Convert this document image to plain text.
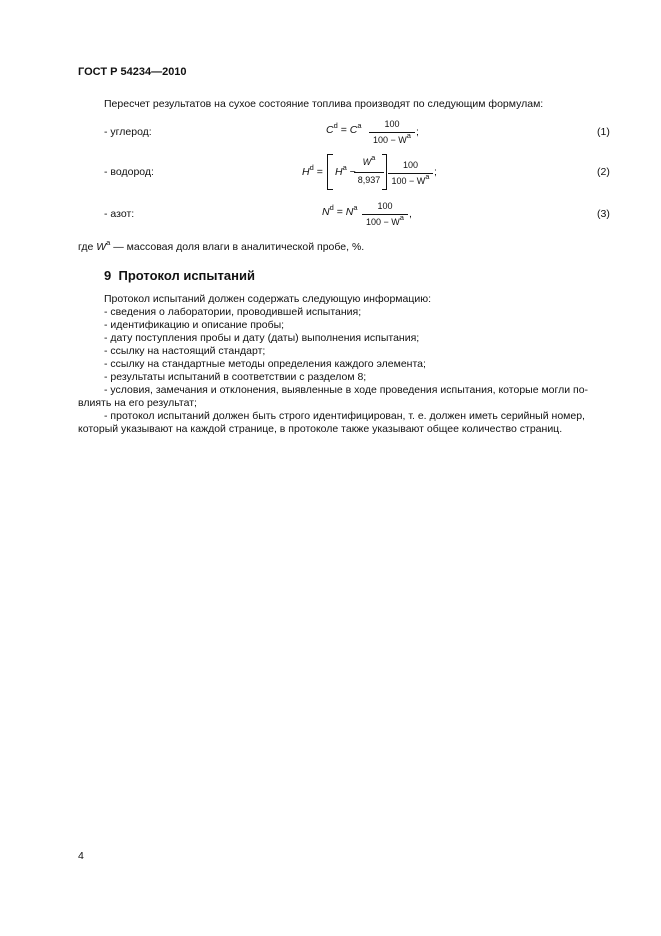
ГОСТ Р 54234—2010
Пересчет результатов на сухое состояние топлива производят по следующим формулам:
- углерод:	$C^d = C^a$	100
$100 - W^a$ ;	(1)
- водород:	$H^d = H^a$ −
$W^a$
8,937
100
$100 - W^a$ ;	(2)
- азот:	$N^d = N^a$	100
$100 - W^a$ ,	(3)
где $W^a$ — массовая доля влаги в аналитической пробе, %.
9 Протокол испытаний
Протокол испытаний должен содержать следующую информацию:
- сведения о лаборатории, проводившей испытания;
- идентификацию и описание пробы;
- дату поступления пробы и дату (даты) выполнения испытания;
- ссылку на настоящий стандарт;
- ссылку на стандартные методы определения каждого элемента;
- результаты испытаний в соответствии с разделом 8;
- условия, замечания и отклонения, выявленные в ходе проведения испытания, которые могли по-
влиять на его результат;
- протокол испытаний должен быть строго идентифицирован, т. е. должен иметь серийный номер,
который указывают на каждой странице, в протоколе также указывают общее количество страниц.
4
